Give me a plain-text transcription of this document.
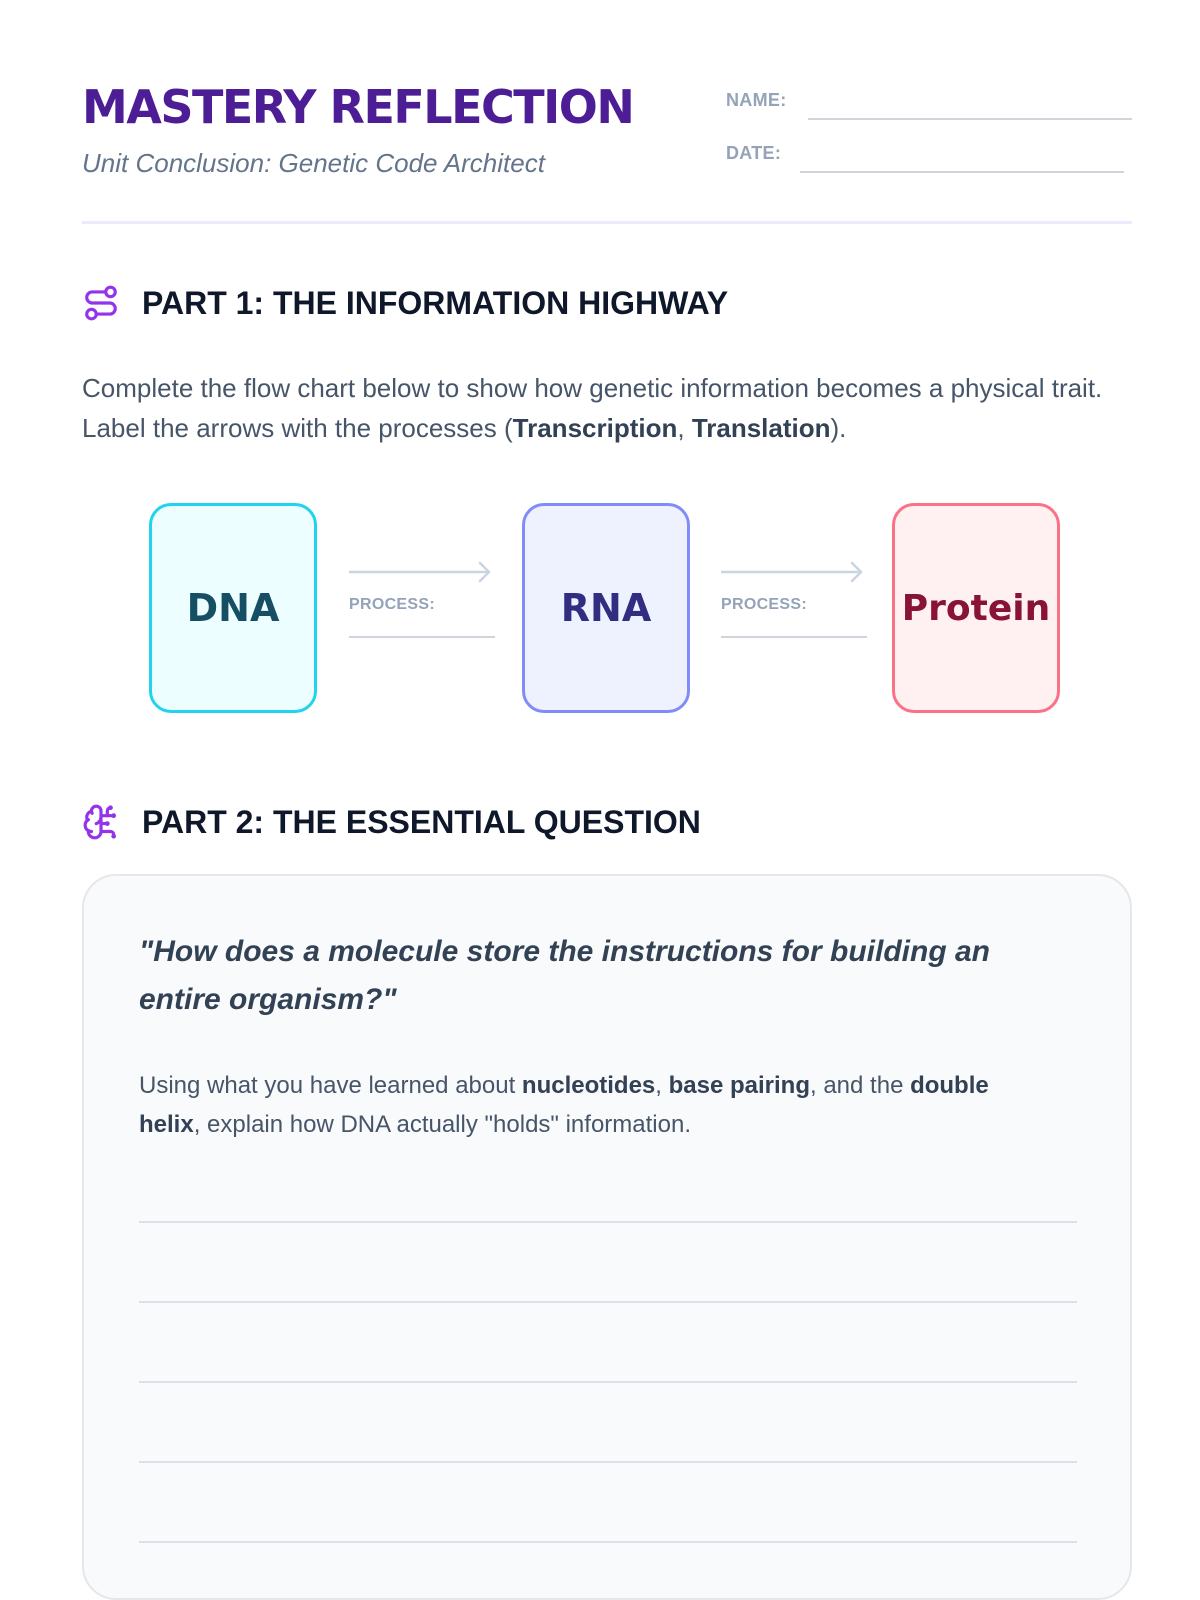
MASTERY REFLECTION
Unit Conclusion: Genetic Code Architect
NAME:
DATE:
PART 1: THE INFORMATION HIGHWAY
Complete the flow chart below to show how genetic information becomes a physical trait. Label the arrows with the processes (Transcription, Translation).
DNA	PROCESS:	RNA	PROCESS:	Protein
PART 2: THE ESSENTIAL QUESTION
"How does a molecule store the instructions for building an entire organism?"
Using what you have learned about nucleotides, base pairing, and the double helix, explain how DNA actually "holds" information.
